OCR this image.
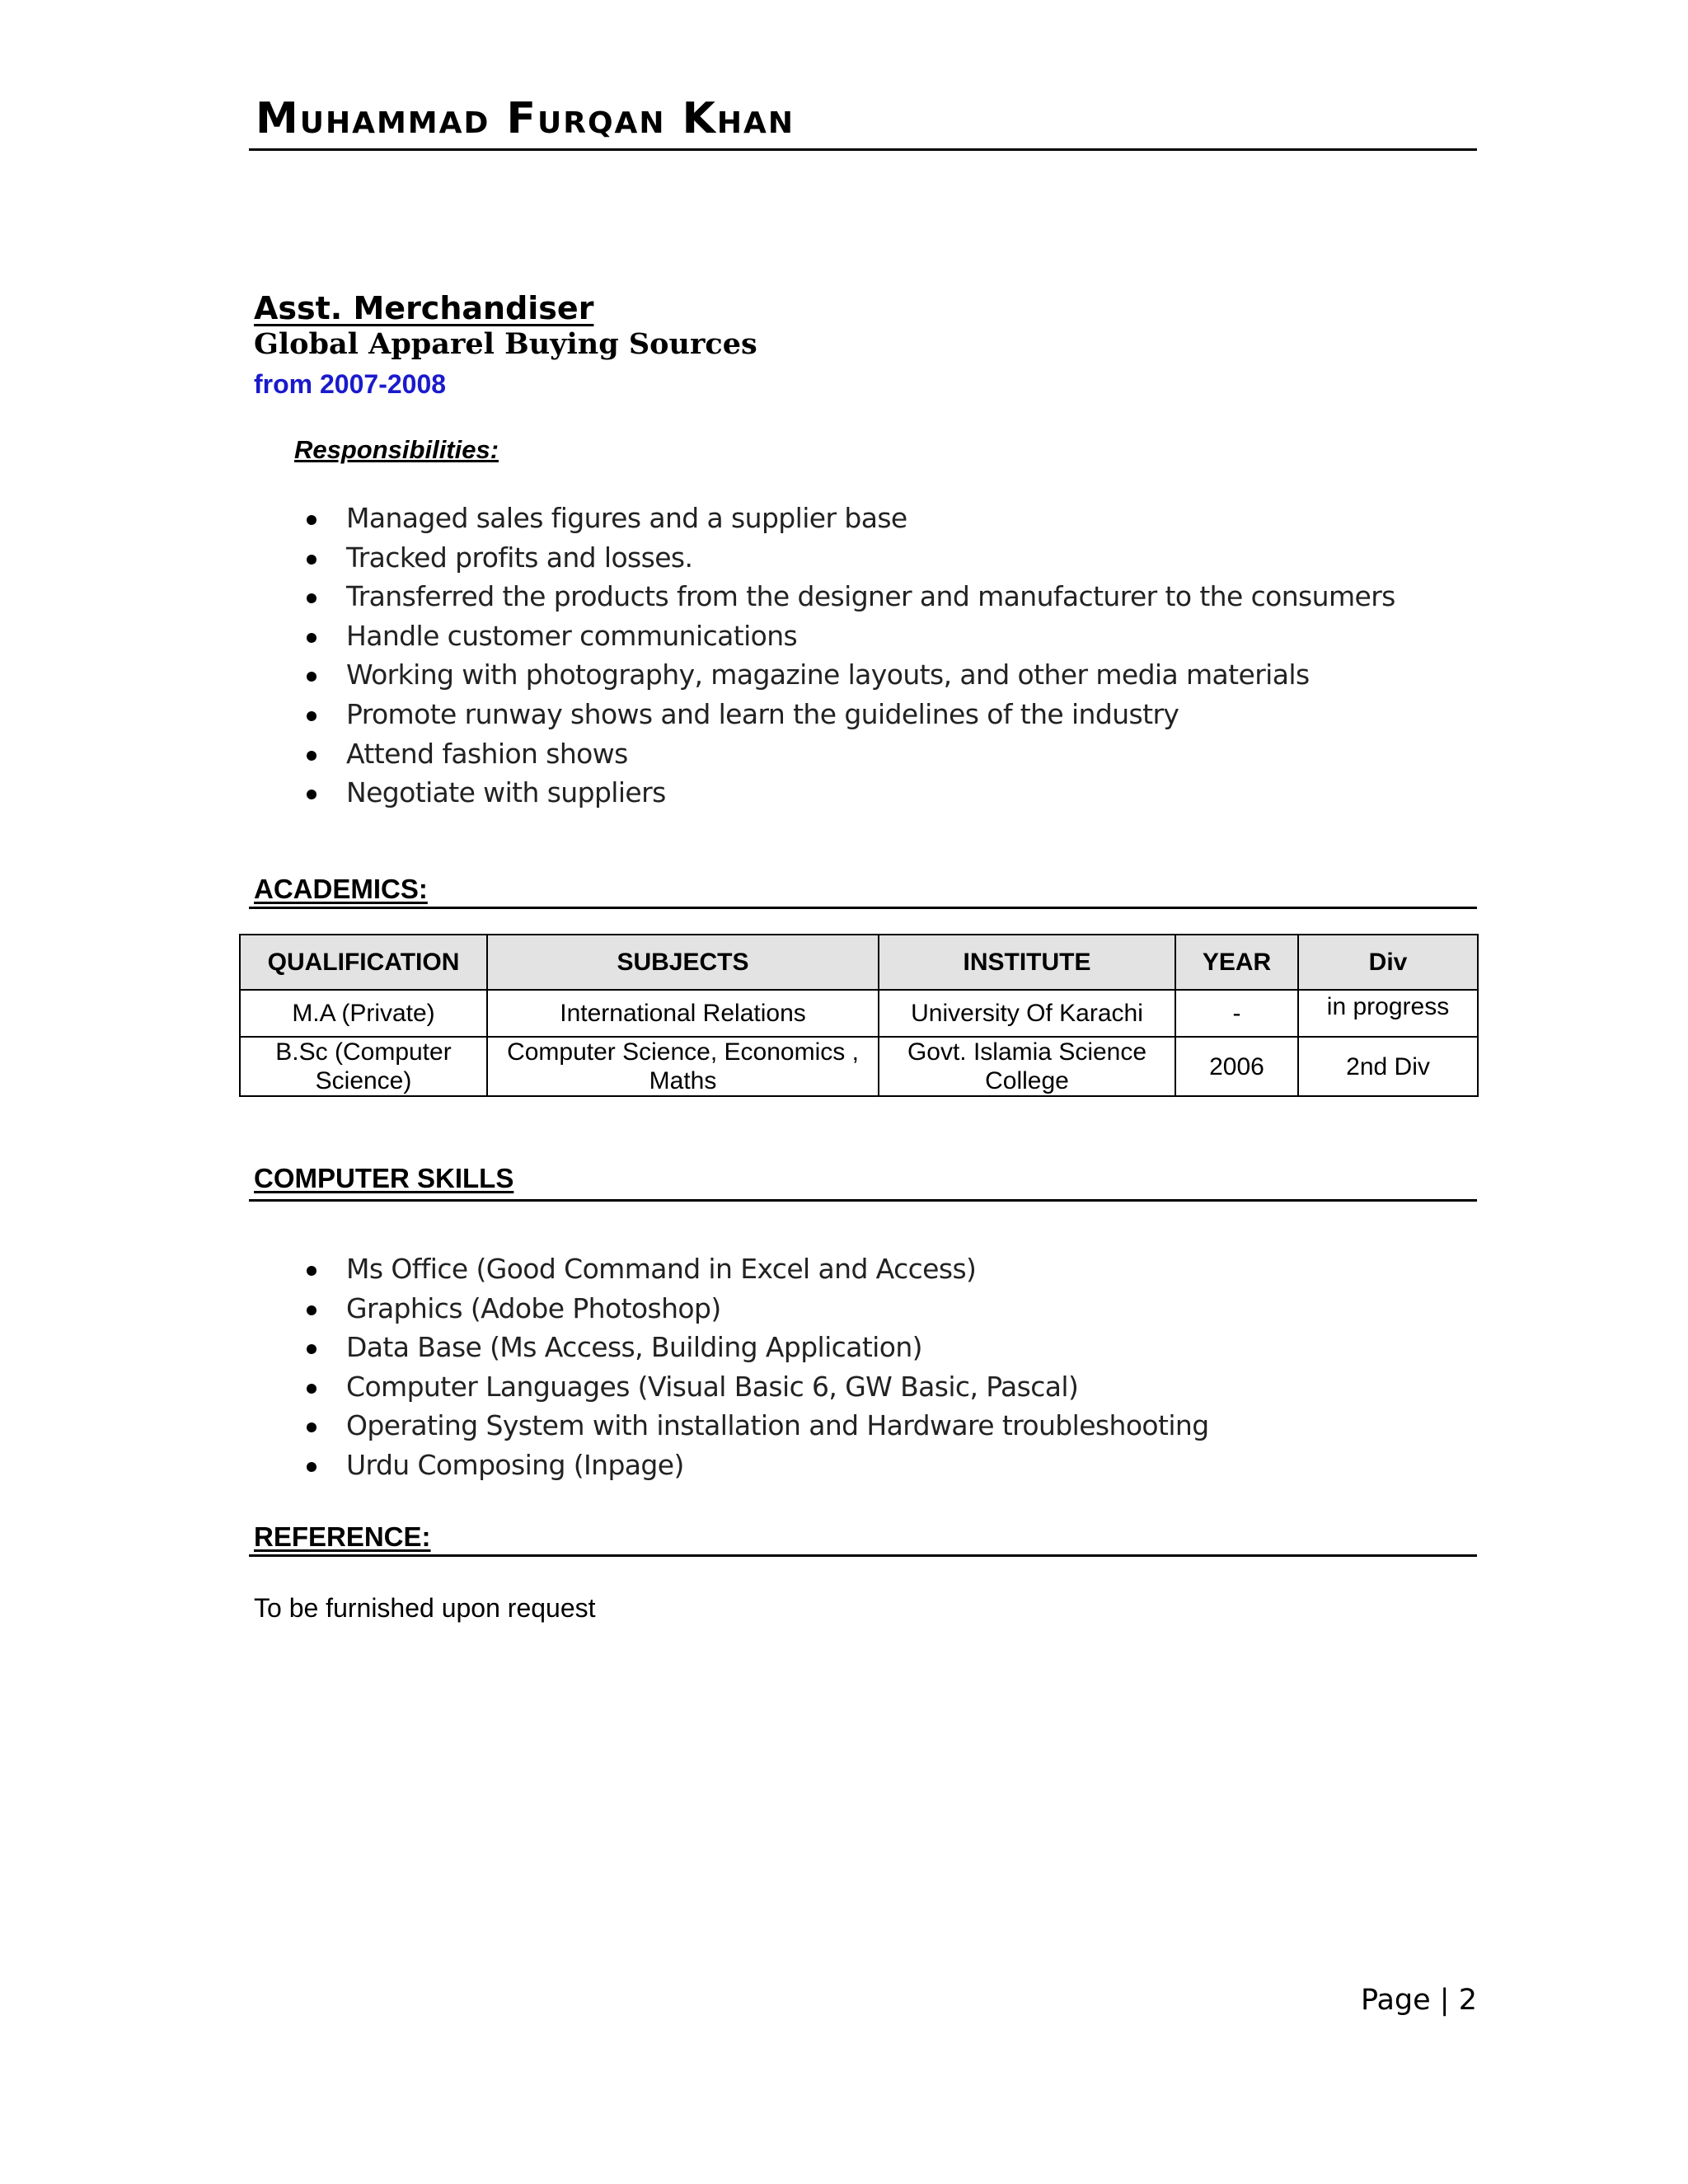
Muhammad Furqan Khan
Asst. Merchandiser
Global Apparel Buying Sources
from 2007-2008
Responsibilities:
Managed sales figures and a supplier base
Tracked profits and losses.
Transferred the products from the designer and manufacturer to the consumers
Handle customer communications
Working with photography, magazine layouts, and other media materials
Promote runway shows and learn the guidelines of the industry
Attend fashion shows
Negotiate with suppliers
ACADEMICS:
QUALIFICATION	SUBJECTS	INSTITUTE	YEAR	Div
M.A (Private)	International Relations	University Of Karachi	-	in progress
B.Sc (Computer Science)	Computer Science, Economics , Maths	Govt. Islamia Science College	2006	2nd Div
COMPUTER SKILLS
Ms Office (Good Command in Excel and Access)
Graphics (Adobe Photoshop)
Data Base (Ms Access, Building Application)
Computer Languages (Visual Basic 6, GW Basic, Pascal)
Operating System with installation and Hardware troubleshooting
Urdu Composing (Inpage)
REFERENCE:
To be furnished upon request
Page | 2
